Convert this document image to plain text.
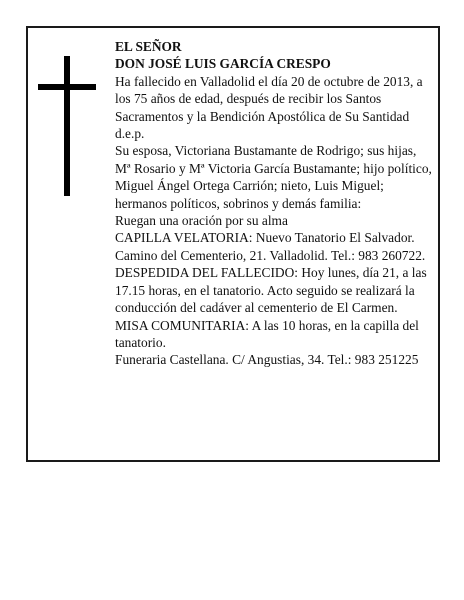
EL SEÑOR

DON JOSÉ LUIS GARCÍA CRESPO

Ha fallecido en Valladolid el día 20 de octubre de 2013, a los 75 años de edad, después de recibir los Santos Sacramentos y la Bendición Apostólica de Su Santidad d.e.p.

Su esposa, Victoriana Bustamante de Rodrigo; sus hijas, Mª Rosario y Mª Victoria García Bustamante; hijo político, Miguel Ángel Ortega Carrión; nieto, Luis Miguel; hermanos políticos, sobrinos y demás familia:

Ruegan una oración por su alma

CAPILLA VELATORIA: Nuevo Tanatorio El Salvador. Camino del Cementerio, 21. Valladolid. Tel.: 983 260722.

DESPEDIDA DEL FALLECIDO: Hoy lunes, día 21, a las 17.15 horas, en el tanatorio. Acto seguido se realizará la conducción del cadáver al cementerio de El Carmen.

MISA COMUNITARIA: A las 10 horas, en la capilla del tanatorio.

Funeraria Castellana. C/ Angustias, 34. Tel.: 983 251225
